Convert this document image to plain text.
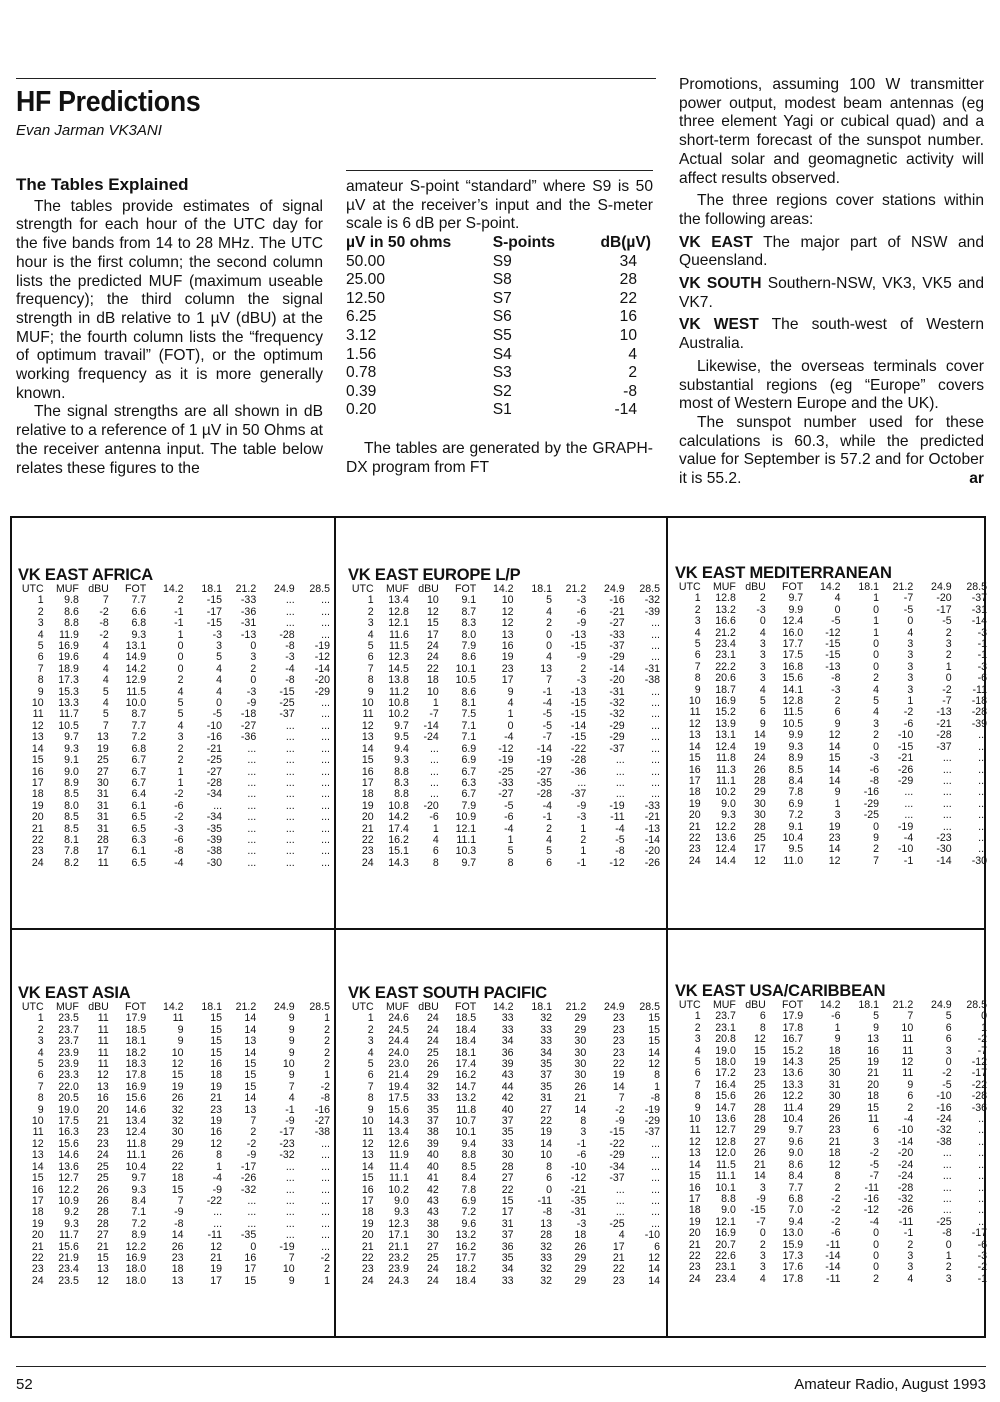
HF Predictions
Evan Jarman VK3ANI
The Tables Explained

The tables provide estimates of signal strength for each hour of the UTC day for the five bands from 14 to 28 MHz. The UTC hour is the first column; the second column lists the predicted MUF (maximum useable frequency); the third column the signal strength in dB relative to 1 µV (dBU) at the MUF; the fourth column lists the “frequency of optimum travail” (FOT), or the optimum working frequency as it is more generally known.

The signal strengths are all shown in dB relative to a reference of 1 µV in 50 Ohms at the receiver antenna input. The table below relates these figures to the

amateur S-point “standard” where S9 is 50 µV at the receiver’s input and the S-meter scale is 6 dB per S-point.

µV in 50 ohms	S-points	dB(µV)
50.00	S9	34
25.00	S8	28
12.50	S7	22
6.25	S6	16
3.12	S5	10
1.56	S4	4
0.78	S3	2
0.39	S2	-8
0.20	S1	-14

The tables are generated by the GRAPH-DX program from FT

Promotions, assuming 100 W transmitter power output, modest beam antennas (eg three element Yagi or cubical quad) and a short-term forecast of the sunspot number. Actual solar and geomagnetic activity will affect results observed.

The three regions cover stations within the following areas:

VK EAST The major part of NSW and Queensland.

VK SOUTH Southern-NSW, VK3, VK5 and VK7.

VK WEST The south-west of Western Australia.

Likewise, the overseas terminals cover substantial regions (eg “Europe” covers most of Western Europe and the UK).

The sunspot number used for these calculations is 60.3, while the predicted value for September is 57.2 and for October it is 55.2.	ar

VK EAST AFRICA
UTC	MUF	dBU	FOT	14.2	18.1	21.2	24.9	28.5
1	9.8	7	7.7	2	-15	-33	...	...
2	8.6	-2	6.6	-1	-17	-36	...	...
3	8.8	-8	6.8	-1	-15	-31	...	...
4	11.9	-2	9.3	1	-3	-13	-28	...
5	16.9	4	13.1	0	3	0	-8	-19
6	19.6	4	14.9	0	5	3	-3	-12
7	18.9	4	14.2	0	4	2	-4	-14
8	17.3	4	12.9	2	4	0	-8	-20
9	15.3	5	11.5	4	4	-3	-15	-29
10	13.3	4	10.0	5	0	-9	-25	...
11	11.7	5	8.7	5	-5	-18	-37	...
12	10.5	7	7.7	4	-10	-27	...	...
13	9.7	13	7.2	3	-16	-36	...	...
14	9.3	19	6.8	2	-21	...	...	...
15	9.1	25	6.7	2	-25	...	...	...
16	9.0	27	6.7	1	-27	...	...	...
17	8.9	30	6.7	1	-28	...	...	...
18	8.5	31	6.4	-2	-34	...	...	...
19	8.0	31	6.1	-6	...	...	...	...
20	8.5	31	6.5	-2	-34	...	...	...
21	8.5	31	6.5	-3	-35	...	...	...
22	8.1	28	6.3	-6	-39	...	...	...
23	7.8	17	6.1	-8	-38	...	...	...
24	8.2	11	6.5	-4	-30	...	...	...
VK EAST EUROPE L/P
UTC	MUF	dBU	FOT	14.2	18.1	21.2	24.9	28.5
1	13.4	10	9.1	10	5	-3	-16	-32
2	12.8	12	8.7	12	4	-6	-21	-39
3	12.1	15	8.3	12	2	-9	-27	...
4	11.6	17	8.0	13	0	-13	-33	...
5	11.5	24	7.9	16	0	-15	-37	...
6	12.3	24	8.6	19	4	-9	-29	...
7	14.5	22	10.1	23	13	2	-14	-31
8	13.8	18	10.5	17	7	-3	-20	-38
9	11.2	10	8.6	9	-1	-13	-31	...
10	10.8	1	8.1	4	-4	-15	-32	...
11	10.2	-7	7.5	1	-5	-15	-32	...
12	9.7	-14	7.1	0	-5	-14	-29	...
13	9.5	-24	7.1	-4	-7	-15	-29	...
14	9.4	...	6.9	-12	-14	-22	-37	...
15	9.3	...	6.9	-19	-19	-28	...	...
16	8.8	...	6.7	-25	-27	-36	...	...
17	8.3	...	6.3	-33	-35	...	...	...
18	8.8	...	6.7	-27	-28	-37	...	...
19	10.8	-20	7.9	-5	-4	-9	-19	-33
20	14.2	-6	10.9	-6	-1	-3	-11	-21
21	17.4	1	12.1	-4	2	1	-4	-13
22	16.2	4	11.1	1	4	2	-5	-14
23	15.1	6	10.3	5	5	1	-8	-20
24	14.3	8	9.7	8	6	-1	-12	-26
VK EAST MEDITERRANEAN
UTC	MUF	dBU	FOT	14.2	18.1	21.2	24.9	28.5
1	12.8	2	9.7	4	1	-7	-20	-37
2	13.2	-3	9.9	0	0	-5	-17	-31
3	16.6	0	12.4	-5	1	0	-5	-14
4	21.2	4	16.0	-12	1	4	2	-3
5	23.4	3	17.7	-15	0	3	3	-1
6	23.1	3	17.5	-15	0	3	2	-1
7	22.2	3	16.8	-13	0	3	1	-3
8	20.6	3	15.6	-8	2	3	0	-6
9	18.7	4	14.1	-3	4	3	-2	-11
10	16.9	5	12.8	2	5	1	-7	-18
11	15.2	6	11.5	6	4	-2	-13	-28
12	13.9	9	10.5	9	3	-6	-21	-39
13	13.1	14	9.9	12	2	-10	-28	...
14	12.4	19	9.3	14	0	-15	-37	...
15	11.8	24	8.9	15	-3	-21	...	...
16	11.3	26	8.5	14	-6	-26	...	...
17	11.1	28	8.4	14	-8	-29	...	...
18	10.2	29	7.8	9	-16	...	...	...
19	9.0	30	6.9	1	-29	...	...	...
20	9.3	30	7.2	3	-25	...	...	...
21	12.2	28	9.1	19	0	-19	...	...
22	13.6	25	10.4	23	9	-4	-23	...
23	12.4	17	9.5	14	2	-10	-30	...
24	14.4	12	11.0	12	7	-1	-14	-30
VK EAST ASIA
UTC	MUF	dBU	FOT	14.2	18.1	21.2	24.9	28.5
1	23.5	11	17.9	11	15	14	9	1
2	23.7	11	18.5	9	15	14	9	2
3	23.7	11	18.1	9	15	13	9	2
4	23.9	11	18.2	10	15	14	9	2
5	23.9	11	18.3	12	16	15	10	2
6	23.3	12	17.8	15	18	15	9	1
7	22.0	13	16.9	19	19	15	7	-2
8	20.5	16	15.6	26	21	14	4	-8
9	19.0	20	14.6	32	23	13	-1	-16
10	17.5	21	13.4	32	19	7	-9	-27
11	16.3	23	12.4	30	16	2	-17	-38
12	15.6	23	11.8	29	12	-2	-23	...
13	14.6	24	11.1	26	8	-9	-32	...
14	13.6	25	10.4	22	1	-17	...	...
15	12.7	25	9.7	18	-4	-26	...	...
16	12.2	26	9.3	15	-9	-32	...	...
17	10.9	26	8.4	7	-22	...	...	...
18	9.2	28	7.1	-9	...	...	...	...
19	9.3	28	7.2	-8	...	...	...	...
20	11.7	27	8.9	14	-11	-35	...	...
21	15.6	21	12.2	26	12	0	-19	...
22	21.9	15	16.9	23	21	16	7	-2
23	23.4	13	18.0	18	19	17	10	2
24	23.5	12	18.0	13	17	15	9	1
VK EAST SOUTH PACIFIC
UTC	MUF	dBU	FOT	14.2	18.1	21.2	24.9	28.5
1	24.6	24	18.5	33	32	29	23	15
2	24.5	24	18.4	33	33	29	23	15
3	24.4	24	18.4	34	33	30	23	15
4	24.0	25	18.1	36	34	30	23	14
5	23.0	26	17.4	39	35	30	22	12
6	21.4	29	16.2	43	37	30	19	8
7	19.4	32	14.7	44	35	26	14	1
8	17.5	33	13.2	42	31	21	7	-8
9	15.6	35	11.8	40	27	14	-2	-19
10	14.3	37	10.7	37	22	8	-9	-29
11	13.4	38	10.1	35	19	3	-15	-37
12	12.6	39	9.4	33	14	-1	-22	...
13	11.9	40	8.8	30	10	-6	-29	...
14	11.4	40	8.5	28	8	-10	-34	...
15	11.1	41	8.4	27	6	-12	-37	...
16	10.2	42	7.8	22	0	-21	...	...
17	9.0	43	6.9	15	-11	-35	...	...
18	9.3	43	7.2	17	-8	-31	...	...
19	12.3	38	9.6	31	13	-3	-25	...
20	17.1	30	13.2	37	28	18	4	-10
21	21.1	27	16.2	36	32	26	17	6
22	23.2	25	17.7	35	33	29	21	12
23	23.9	24	18.2	34	32	29	22	14
24	24.3	24	18.4	33	32	29	23	14
VK EAST USA/CARIBBEAN
UTC	MUF	dBU	FOT	14.2	18.1	21.2	24.9	28.5
1	23.7	6	17.9	-6	5	7	5	0
2	23.1	8	17.8	1	9	10	6	1
3	20.8	12	16.7	9	13	11	6	-2
4	19.0	15	15.2	18	16	11	3	-7
5	18.0	19	14.3	25	19	12	0	-12
6	17.2	23	13.6	30	21	11	-2	-17
7	16.4	25	13.3	31	20	9	-5	-22
8	15.6	26	12.2	30	18	6	-10	-28
9	14.7	28	11.4	29	15	2	-16	-36
10	13.6	28	10.4	26	11	-4	-24	...
11	12.7	29	9.7	23	6	-10	-32	...
12	12.8	27	9.6	21	3	-14	-38	...
13	12.0	26	9.0	18	-2	-20	...	...
14	11.5	21	8.6	12	-5	-24	...	...
15	11.1	14	8.4	8	-7	-24	...	...
16	10.1	3	7.7	2	-11	-28	...	...
17	8.8	-9	6.8	-2	-16	-32	...	...
18	9.0	-15	7.0	-2	-12	-26	...	...
19	12.1	-7	9.4	-2	-4	-11	-25	...
20	16.9	0	13.0	-6	0	-1	-8	-17
21	20.7	2	15.9	-11	0	2	0	-6
22	22.6	3	17.3	-14	0	3	1	-3
23	23.1	3	17.6	-14	0	3	2	-2
24	23.4	4	17.8	-11	2	4	3	-1
52	Amateur Radio, August 1993
